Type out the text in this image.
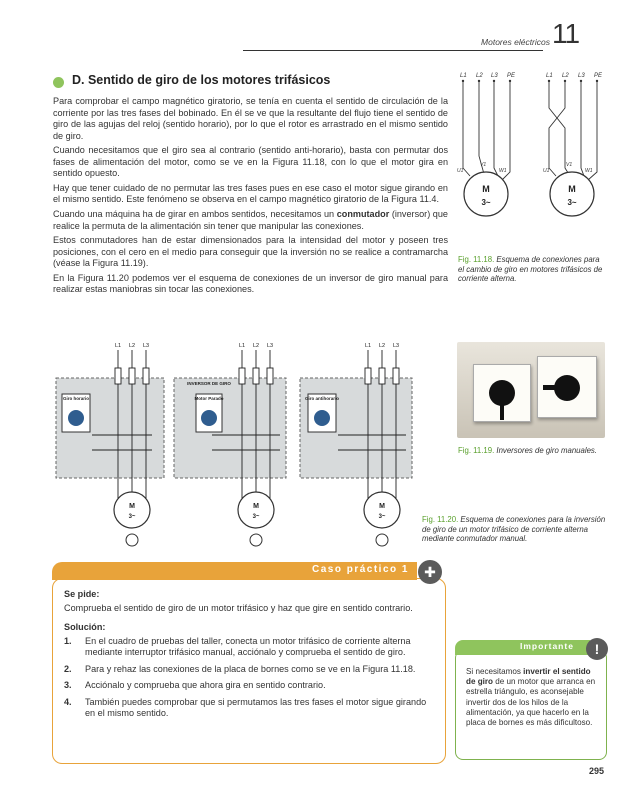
Motores eléctricos 11
D. Sentido de giro de los motores trifásicos

Para comprobar el campo magnético giratorio, se tenía en cuenta el sentido de circulación de la corriente por las tres fases del bobinado. En él se ve que la resultante del flujo tiene el sentido de giro de las agujas del reloj (sentido horario), por lo que el rotor es arrastrado en el mismo sentido de giro.

Cuando necesitamos que el giro sea al contrario (sentido anti-horario), basta con permutar dos fases de alimentación del motor, como se ve en la Figura 11.18, con lo que el motor gira en sentido opuesto.

Hay que tener cuidado de no permutar las tres fases pues en ese caso el motor sigue girando en el mismo sentido. Este fenómeno se observa en el campo magnético giratorio de la Figura 11.4.

Cuando una máquina ha de girar en ambos sentidos, necesitamos un conmutador (inversor) que realice la permuta de la alimentación sin tener que manipular las conexiones.

Estos conmutadores han de estar dimensionados para la intensidad del motor y poseen tres posiciones, con el cero en el medio para conseguir que la inversión no se realice a contramarcha (véase la Figura 11.19).

En la Figura 11.20 podemos ver el esquema de conexiones de un inversor de giro manual para realizar estas maniobras sin tocar las conexiones.

L1 L2 L3 PE	L1 L2 L3 PE
U1
V1
W1	U1
V1
W1
M
3~
M
3~
Fig. 11.18. Esquema de conexiones para el cambio de giro en motores trifásicos de corriente alterna.
Fig. 11.19. Inversores de giro manuales.
L1 L2 L3	L1 L2 L3	L1 L2 L3
Giro horario
INVERSOR DE GIRO
Motor Parado	Giro antihorario
M
3~
M
3~
M
3~	Fig. 11.20. Esquema de conexiones para la inversión de giro de un motor trifásico de corriente alterna mediante conmutador manual.
Caso práctico 1	✚
Se pide:

Comprueba el sentido de giro de un motor trifásico y haz que gire en sentido contrario.

Solución:
1. En el cuadro de pruebas del taller, conecta un motor trifásico de corriente alterna mediante interruptor trifásico manual, acciónalo y comprueba el sentido de giro.
2. Para y rehaz las conexiones de la placa de bornes como se ve en la Figura 11.18.
3. Acciónalo y comprueba que ahora gira en sentido contrario.
4. También puedes comprobar que si permutamos las tres fases el motor sigue girando en el mismo sentido.
Importante	!
Si necesitamos invertir el sentido de giro de un motor que arranca en estrella triángulo, es aconsejable invertir dos de los hilos de la alimentación, ya que hacerlo en la placa de bornes es más dificultoso.
295
